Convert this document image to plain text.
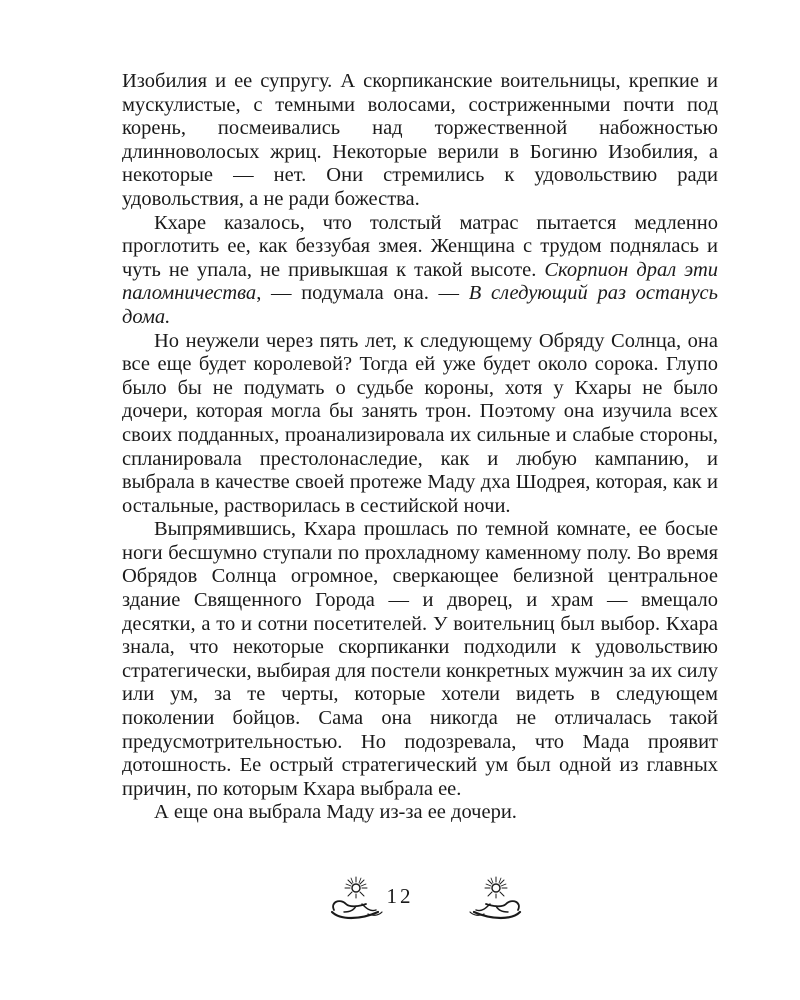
Изобилия и ее супругу. А скорпиканские воительницы, крепкие и мускулистые, с темными волосами, состриженными почти под корень, посмеивались над торжественной набожностью длинноволосых жриц. Некоторые верили в Богиню Изобилия, а некоторые — нет. Они стремились к удовольствию ради удовольствия, а не ради божества.

Кхаре казалось, что толстый матрас пытается медленно проглотить ее, как беззубая змея. Женщина с трудом поднялась и чуть не упала, не привыкшая к такой высоте. Скорпион драл эти паломничества, — подумала она. — В следующий раз останусь дома.

Но неужели через пять лет, к следующему Обряду Солнца, она все еще будет королевой? Тогда ей уже будет около сорока. Глупо было бы не подумать о судьбе короны, хотя у Кхары не было дочери, которая могла бы занять трон. Поэтому она изучила всех своих подданных, проанализировала их сильные и слабые стороны, спланировала престолонаследие, как и любую кампанию, и выбрала в качестве своей протеже Маду дха Шодрея, которая, как и остальные, растворилась в сестийской ночи.

Выпрямившись, Кхара прошлась по темной комнате, ее босые ноги бесшумно ступали по прохладному каменному полу. Во время Обрядов Солнца огромное, сверкающее белизной центральное здание Священного Города — и дворец, и храм — вмещало десятки, а то и сотни посетителей. У воительниц был выбор. Кхара знала, что некоторые скорпиканки подходили к удовольствию стратегически, выбирая для постели конкретных мужчин за их силу или ум, за те черты, которые хотели видеть в следующем поколении бойцов. Сама она никогда не отличалась такой предусмотрительностью. Но подозревала, что Мада проявит дотошность. Ее острый стратегический ум был одной из главных причин, по которым Кхара выбрала ее.

А еще она выбрала Маду из-за ее дочери.

12
